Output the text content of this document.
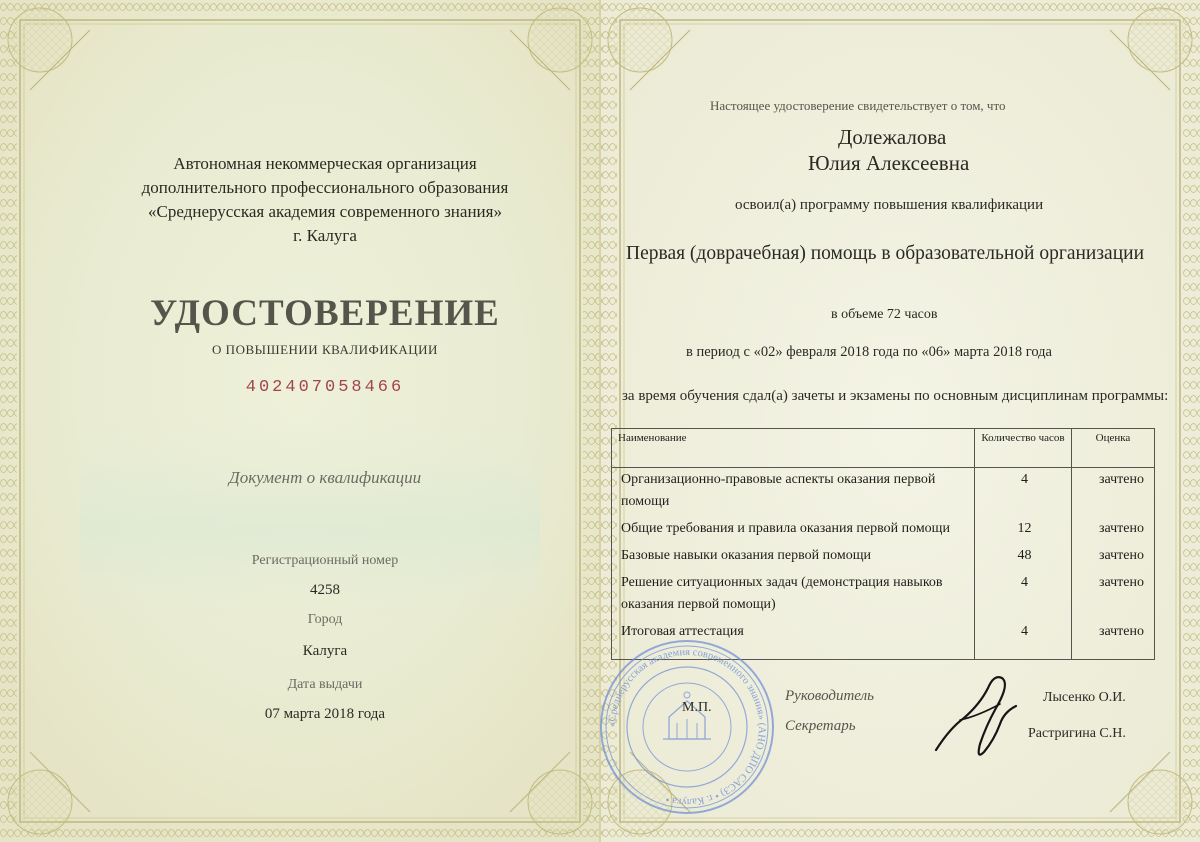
Автономная некоммерческая организация
дополнительного профессионального образования
«Среднерусская академия современного знания»
г. Калуга
УДОСТОВЕРЕНИЕ
О ПОВЫШЕНИИ КВАЛИФИКАЦИИ
402407058466
Документ о квалификации
Регистрационный номер
4258
Город
Калуга
Дата выдачи
07 марта 2018 года
Настоящее удостоверение свидетельствует о том, что
Долежалова
Юлия Алексеевна
освоил(а) программу повышения квалификации
Первая (доврачебная) помощь в образовательной организации
в объеме 72 часов
в период с «02» февраля 2018 года по «06» марта 2018 года
за время обучения сдал(а) зачеты и экзамены по основным дисциплинам программы:
Наименование	Количество часов	Оценка
Организационно-правовые аспекты оказания первой помощи	4	зачтено
Общие требования и правила оказания первой помощи	12	зачтено
Базовые навыки оказания первой помощи	48	зачтено
Решение ситуационных задач (демонстрация навыков оказания первой помощи)	4	зачтено
Итоговая аттестация	4	зачтено
«Среднерусская академия современного знания» (АНО ДПО САСЗ) • г. Калуга •
М.П.
Руководитель
Секретарь
Лысенко О.И.
Растригина С.Н.
